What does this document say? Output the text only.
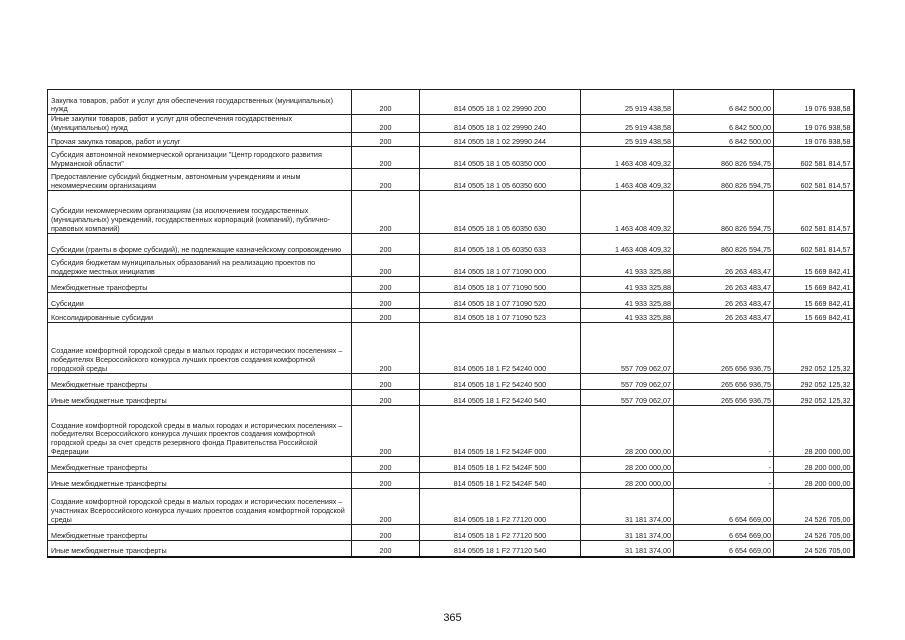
Закупка товаров, работ и услуг для обеспечения государственных (муниципальных) нужд	200	814 0505 18 1 02 29990 200	25 919 438,58	6 842 500,00	19 076 938,58
Иные закупки товаров, работ и услуг для обеспечения государственных (муниципальных) нужд	200	814 0505 18 1 02 29990 240	25 919 438,58	6 842 500,00	19 076 938,58
Прочая закупка товаров, работ и услуг	200	814 0505 18 1 02 29990 244	25 919 438,58	6 842 500,00	19 076 938,58
Субсидия автономной некоммерческой организации "Центр городского развития Мурманской области"	200	814 0505 18 1 05 60350 000	1 463 408 409,32	860 826 594,75	602 581 814,57
Предоставление субсидий бюджетным, автономным учреждениям и иным некоммерческим организациям	200	814 0505 18 1 05 60350 600	1 463 408 409,32	860 826 594,75	602 581 814,57
Субсидии некоммерческим организациям (за исключением государственных (муниципальных) учреждений, государственных корпораций (компаний), публично-правовых компаний)	200	814 0505 18 1 05 60350 630	1 463 408 409,32	860 826 594,75	602 581 814,57
Субсидии (гранты в форме субсидий), не подлежащие казначейскому сопровождению	200	814 0505 18 1 05 60350 633	1 463 408 409,32	860 826 594,75	602 581 814,57
Субсидия бюджетам муниципальных образований на реализацию проектов по поддержке местных инициатив	200	814 0505 18 1 07 71090 000	41 933 325,88	26 263 483,47	15 669 842,41
Межбюджетные трансферты	200	814 0505 18 1 07 71090 500	41 933 325,88	26 263 483,47	15 669 842,41
Субсидии	200	814 0505 18 1 07 71090 520	41 933 325,88	26 263 483,47	15 669 842,41
Консолидированные субсидии	200	814 0505 18 1 07 71090 523	41 933 325,88	26 263 483,47	15 669 842,41
Создание комфортной городской среды в малых городах и исторических поселениях – победителях Всероссийского конкурса лучших проектов создания комфортной городской среды	200	814 0505 18 1 F2 54240 000	557 709 062,07	265 656 936,75	292 052 125,32
Межбюджетные трансферты	200	814 0505 18 1 F2 54240 500	557 709 062,07	265 656 936,75	292 052 125,32
Иные межбюджетные трансферты	200	814 0505 18 1 F2 54240 540	557 709 062,07	265 656 936,75	292 052 125,32
Создание комфортной городской среды в малых городах и исторических поселениях – победителях Всероссийского конкурса лучших проектов создания комфортной городской среды за счет средств резервного фонда Правительства Российской Федерации	200	814 0505 18 1 F2 5424F 000	28 200 000,00	-	28 200 000,00
Межбюджетные трансферты	200	814 0505 18 1 F2 5424F 500	28 200 000,00	-	28 200 000,00
Иные межбюджетные трансферты	200	814 0505 18 1 F2 5424F 540	28 200 000,00	-	28 200 000,00
Создание комфортной городской среды в малых городах и исторических поселениях – участниках Всероссийского конкурса лучших проектов создания комфортной городской среды	200	814 0505 18 1 F2 77120 000	31 181 374,00	6 654 669,00	24 526 705,00
Межбюджетные трансферты	200	814 0505 18 1 F2 77120 500	31 181 374,00	6 654 669,00	24 526 705,00
Иные межбюджетные трансферты	200	814 0505 18 1 F2 77120 540	31 181 374,00	6 654 669,00	24 526 705,00
365
